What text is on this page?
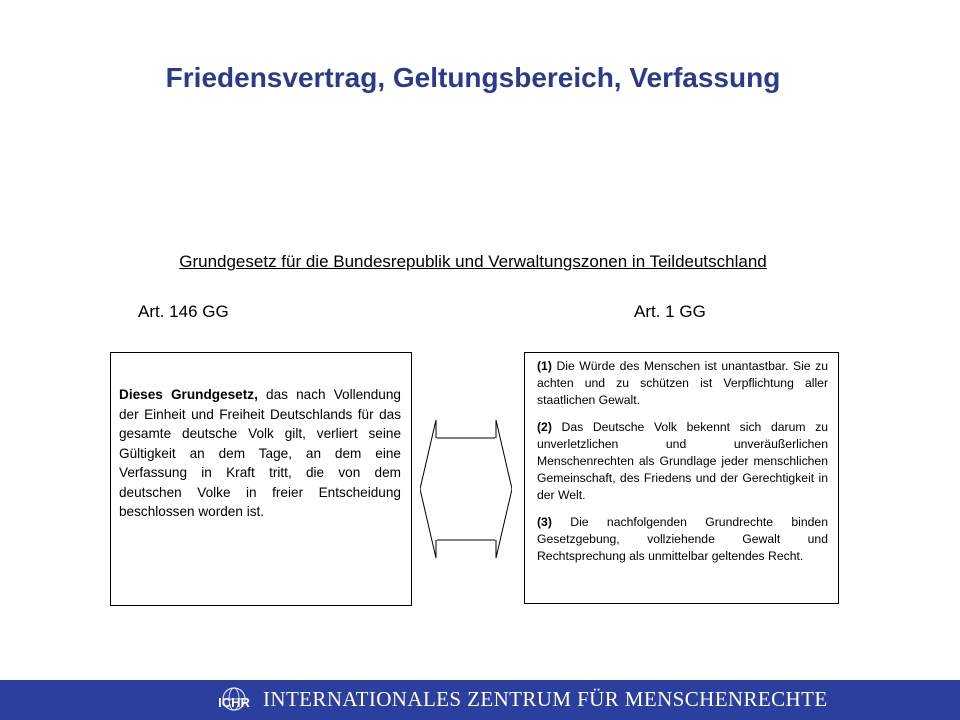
Friedensvertrag, Geltungsbereich, Verfassung
Grundgesetz für die Bundesrepublik und Verwaltungszonen in Teildeutschland
Art. 146 GG	Art. 1 GG

Dieses Grundgesetz, das nach Vollendung der Einheit und Freiheit Deutschlands für das gesamte deutsche Volk gilt, verliert seine Gültigkeit an dem Tage, an dem eine Verfassung in Kraft tritt, die von dem deutschen Volke in freier Entscheidung beschlossen worden ist.

(1) Die Würde des Menschen ist unantastbar. Sie zu achten und zu schützen ist Verpflichtung aller staatlichen Gewalt.

(2) Das Deutsche Volk bekennt sich darum zu unverletzlichen und unveräußerlichen Menschenrechten als Grundlage jeder menschlichen Gemeinschaft, des Friedens und der Gerechtigkeit in der Welt.

(3) Die nachfolgenden Grundrechte binden Gesetzgebung, vollziehende Gewalt und Rechtsprechung als unmittelbar geltendes Recht.

ICHR INTERNATIONALES ZENTRUM FÜR MENSCHENRECHTE
